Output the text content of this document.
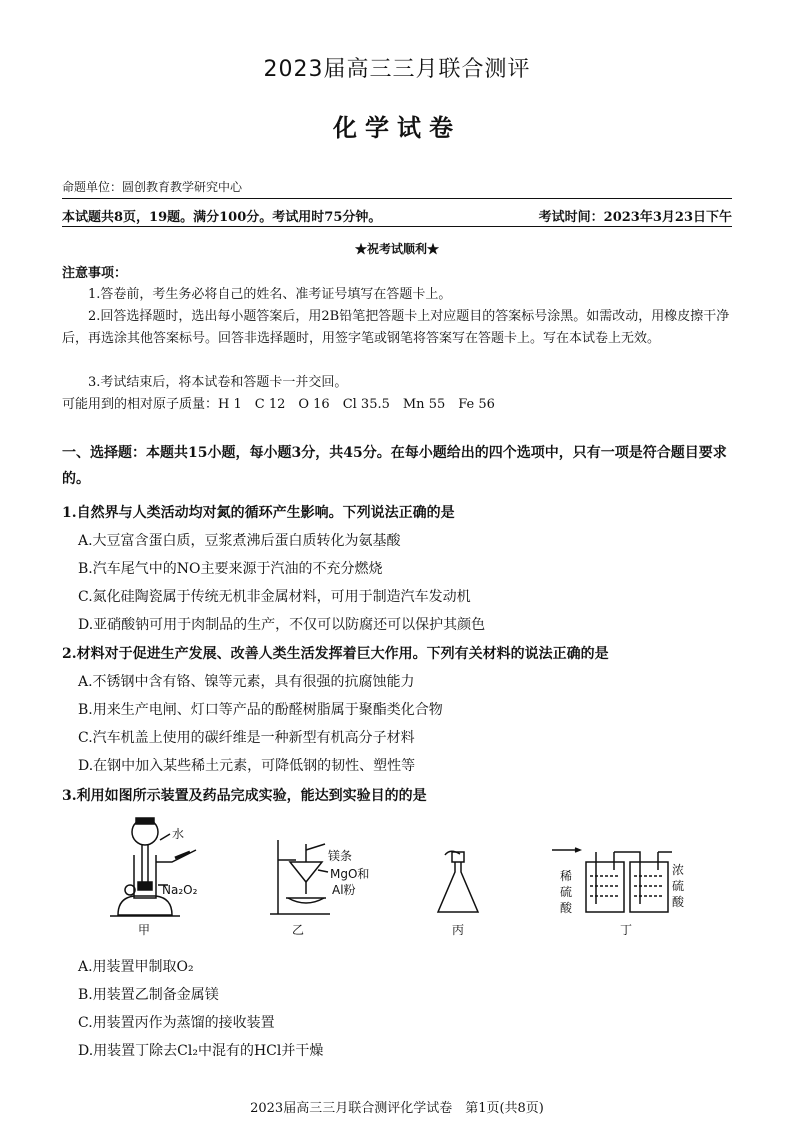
2023届高三三月联合测评
化学试卷
命题单位：圆创教育教学研究中心
本试题共8页，19题。满分100分。考试用时75分钟。	考试时间：2023年3月23日下午
★祝考试顺利★
注意事项：
1.答卷前，考生务必将自己的姓名、准考证号填写在答题卡上。
2.回答选择题时，选出每小题答案后，用2B铅笔把答题卡上对应题目的答案标号涂黑。如需改动，用橡皮擦干净后，再选涂其他答案标号。回答非选择题时，用签字笔或钢笔将答案写在答题卡上。写在本试卷上无效。
3.考试结束后，将本试卷和答题卡一并交回。
可能用到的相对原子质量：H 1　C 12　O 16　Cl 35.5　Mn 55　Fe 56
一、选择题：本题共15小题，每小题3分，共45分。在每小题给出的四个选项中，只有一项是符合题目要求的。
1.自然界与人类活动均对氮的循环产生影响。下列说法正确的是
A.大豆富含蛋白质，豆浆煮沸后蛋白质转化为氨基酸
B.汽车尾气中的NO主要来源于汽油的不充分燃烧
C.氮化硅陶瓷属于传统无机非金属材料，可用于制造汽车发动机
D.亚硝酸钠可用于肉制品的生产，不仅可以防腐还可以保护其颜色
2.材料对于促进生产发展、改善人类生活发挥着巨大作用。下列有关材料的说法正确的是
A.不锈钢中含有铬、镍等元素，具有很强的抗腐蚀能力
B.用来生产电闸、灯口等产品的酚醛树脂属于聚酯类化合物
C.汽车机盖上使用的碳纤维是一种新型有机高分子材料
D.在钢中加入某些稀土元素，可降低钢的韧性、塑性等
3.利用如图所示装置及药品完成实验，能达到实验目的的是
水
Na₂O₂
镁条
MgO和
Al粉
稀
硫
酸
浓
硫
酸
甲	乙	丙	丁
A.用装置甲制取O₂
B.用装置乙制备金属镁
C.用装置丙作为蒸馏的接收装置
D.用装置丁除去Cl₂中混有的HCl并干燥
2023届高三三月联合测评化学试卷　第1页(共8页)
